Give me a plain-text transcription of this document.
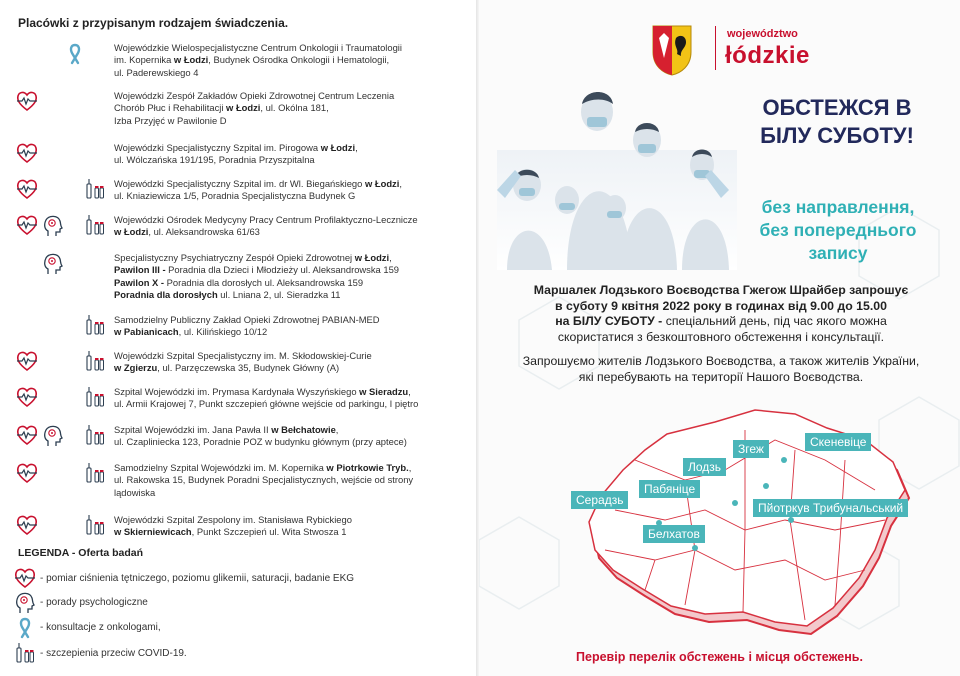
Placówki z przypisanym rodzajem świadczenia.
Wojewódzkie Wielospecjalistyczne Centrum Onkologii i Traumatologii
im. Kopernika w Łodzi, Budynek Ośrodka Onkologii i Hematologii,
ul. Paderewskiego 4
Wojewódzki Zespół Zakładów Opieki Zdrowotnej Centrum Leczenia
Chorób Płuc i Rehabilitacji w Łodzi, ul. Okólna 181,
Izba Przyjęć w Pawilonie D
Wojewódzki Specjalistyczny Szpital im. Pirogowa w Łodzi,
ul. Wólczańska 191/195, Poradnia Przyszpitalna
Wojewódzki Specjalistyczny Szpital im. dr Wl. Biegańskiego w Łodzi,
ul. Kniaziewicza 1/5, Poradnia Specjalistyczna Budynek G
Wojewódzki Ośrodek Medycyny Pracy Centrum Profilaktyczno-Lecznicze
w Łodzi, ul. Aleksandrowska 61/63
Specjalistyczny Psychiatryczny Zespół Opieki Zdrowotnej w Łodzi,
Pawilon III - Poradnia dla Dzieci i Młodzieży ul. Aleksandrowska 159
Pawilon X - Poradnia dla dorosłych ul. Aleksandrowska 159
Poradnia dla dorosłych ul. Lniana 2, ul. Sieradzka 11
Samodzielny Publiczny Zakład Opieki Zdrowotnej PABIAN-MED
w Pabianicach, ul. Kilińskiego 10/12
Wojewódzki Szpital Specjalistyczny im. M. Skłodowskiej-Curie
w Zgierzu, ul. Parzęczewska 35, Budynek Główny (A)
Szpital Wojewódzki im. Prymasa Kardynała Wyszyńskiego w Sieradzu,
ul. Armii Krajowej 7, Punkt szczepień główne wejście od parkingu, I piętro
Szpital Wojewódzki im. Jana Pawła II w Bełchatowie,
ul. Czapliniecka 123, Poradnie POZ w budynku głównym (przy aptece)
Samodzielny Szpital Wojewódzki im. M. Kopernika w Piotrkowie Tryb.,
ul. Rakowska 15, Budynek Poradni Specjalistycznych, wejście od strony
lądowiska
Wojewódzki Szpital Zespolony im. Stanisława Rybickiego
w Skierniewicach, Punkt Szczepień ul. Wita Stwosza 1
LEGENDA - Oferta badań
- pomiar ciśnienia tętniczego, poziomu glikemii, saturacji, badanie EKG
- porady psychologiczne
- konsultacje z onkologami,
- szczepienia przeciw COVID-19.
województwo
łódzkie
ОБСТЕЖСЯ В
БІЛУ СУБОТУ!
без направлення,
без попереднього
запису
Маршалек Лодзького Воєводства Гжегож Шрайбер запрошує
в суботу 9 квітня 2022 року в годинах від 9.00 до 15.00
на БІЛУ СУБОТУ - спеціальний день, під час якого можна
скористатися з безкоштовного обстеження і консультації.
Запрошуємо жителів Лодзького Воєводства, а також жителів України,
які перебувають на території Нашого Воєводства.
Скеневіце
Згеж
Лодзь
Пабяніце
Серадзь
Пйотркув Трибунальський
Белхатов
Перевір перелік обстежень і місця обстежень.
